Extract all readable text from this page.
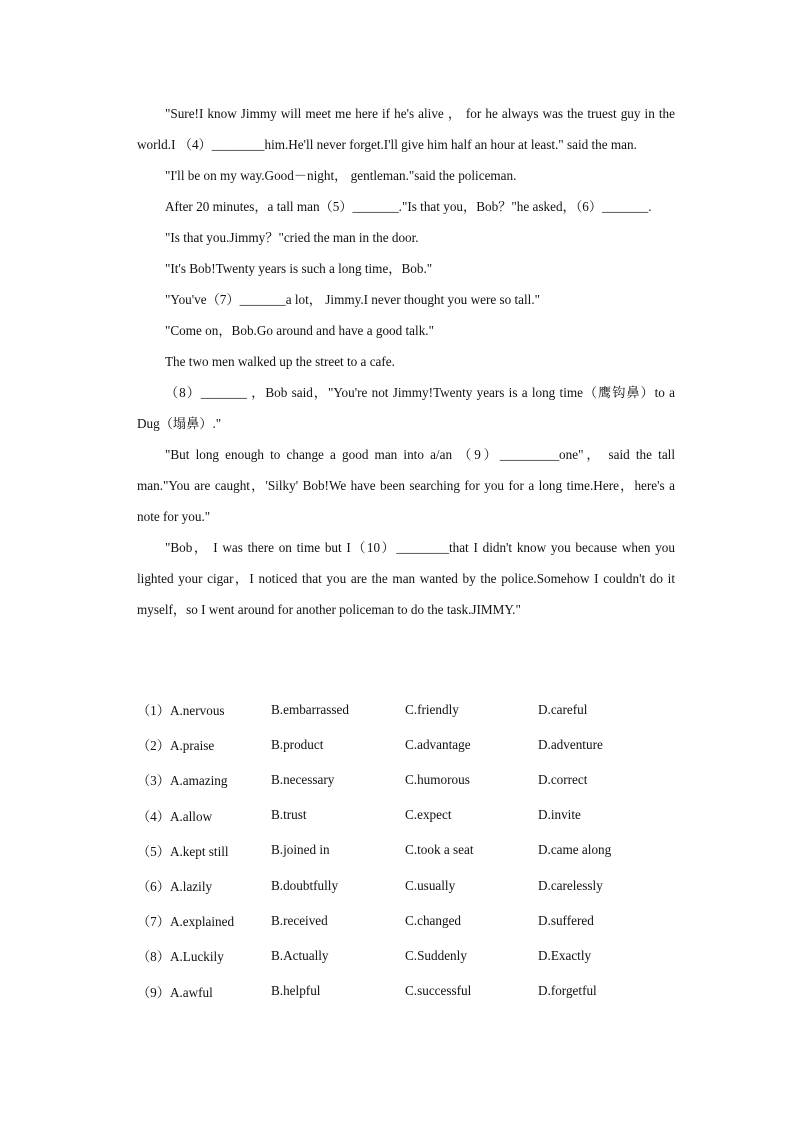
"Sure!I know Jimmy will meet me here if he's alive ， for he always was the truest guy in the world.I （4）________him.He'll never forget.I'll give him half an hour at least." said the man.

"I'll be on my way.Good－night， gentleman."said the policeman.

After 20 minutes，a tall man（5）_______."Is that you，Bob？"he asked，（6）_______.

"Is that you.Jimmy？"cried the man in the door.

"It's Bob!Twenty years is such a long time，Bob."

"You've（7）_______a lot， Jimmy.I never thought you were so tall."

"Come on，Bob.Go around and have a good talk."

The two men walked up the street to a cafe.

（8）_______ ，Bob said，"You're not Jimmy!Twenty years is a long time（鹰钩鼻）to a Dug（塌鼻）."

"But long enough to change a good man into a/an （9）_________one"， said the tall man."You are caught，'Silky' Bob!We have been searching for you for a long time.Here，here's a note for you."

"Bob， I was there on time but I（10）________that I didn't know you because when you lighted your cigar，I noticed that you are the man wanted by the police.Somehow I couldn't do it myself，so I went around for another policeman to do the task.JIMMY."

（1）A.nervous	B.embarrassed	C.friendly	D.careful
（2）A.praise	B.product	C.advantage	D.adventure
（3）A.amazing	B.necessary	C.humorous	D.correct
（4）A.allow	B.trust	C.expect	D.invite
（5）A.kept still	B.joined in	C.took a seat	D.came along
（6）A.lazily	B.doubtfully	C.usually	D.carelessly
（7）A.explained	B.received	C.changed	D.suffered
（8）A.Luckily	B.Actually	C.Suddenly	D.Exactly
（9）A.awful	B.helpful	C.successful	D.forgetful
